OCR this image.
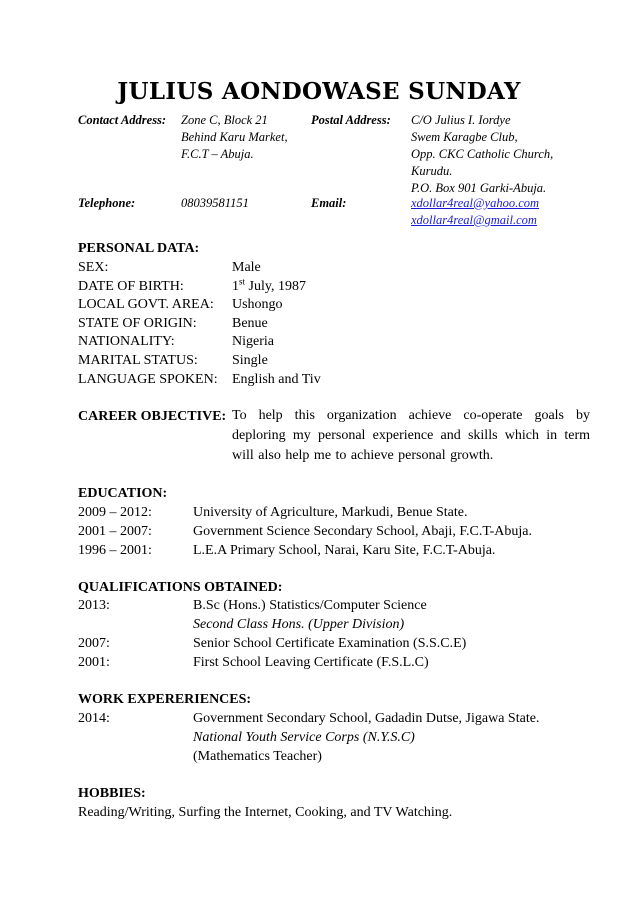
JULIUS AONDOWASE SUNDAY
Contact Address: Zone C, Block 21
Behind Karu Market,
F.C.T – Abuja.
Postal Address: C/O Julius I. Iordye
Swem Karagbe Club,
Opp. CKC Catholic Church,
Kurudu.
P.O. Box 901 Garki-Abuja.
Telephone:	08039581151	Email:	xdollar4real@yahoo.com
xdollar4real@gmail.com
PERSONAL DATA:
SEX:	Male
DATE OF BIRTH:	1st July, 1987
LOCAL GOVT. AREA: Ushongo
STATE OF ORIGIN:	Benue
NATIONALITY:	Nigeria
MARITAL STATUS: Single
LANGUAGE SPOKEN: English and Tiv
CAREER OBJECTIVE: To help this organization achieve co-operate goals by deploring my personal experience and skills which in term will also help me to achieve personal growth.
EDUCATION:
2009 – 2012:	University of Agriculture, Markudi, Benue State.
2001 – 2007:	Government Science Secondary School, Abaji, F.C.T-Abuja.
1996 – 2001:	L.E.A Primary School, Narai, Karu Site, F.C.T-Abuja.
QUALIFICATIONS OBTAINED:
2013:	B.Sc (Hons.) Statistics/Computer Science
Second Class Hons. (Upper Division)
2007:	Senior School Certificate Examination (S.S.C.E)
2001:	First School Leaving Certificate (F.S.L.C)
WORK EXPERERIENCES:
2014:	Government Secondary School, Gadadin Dutse, Jigawa State.
National Youth Service Corps (N.Y.S.C)
(Mathematics Teacher)
HOBBIES:
Reading/Writing, Surfing the Internet, Cooking, and TV Watching.
